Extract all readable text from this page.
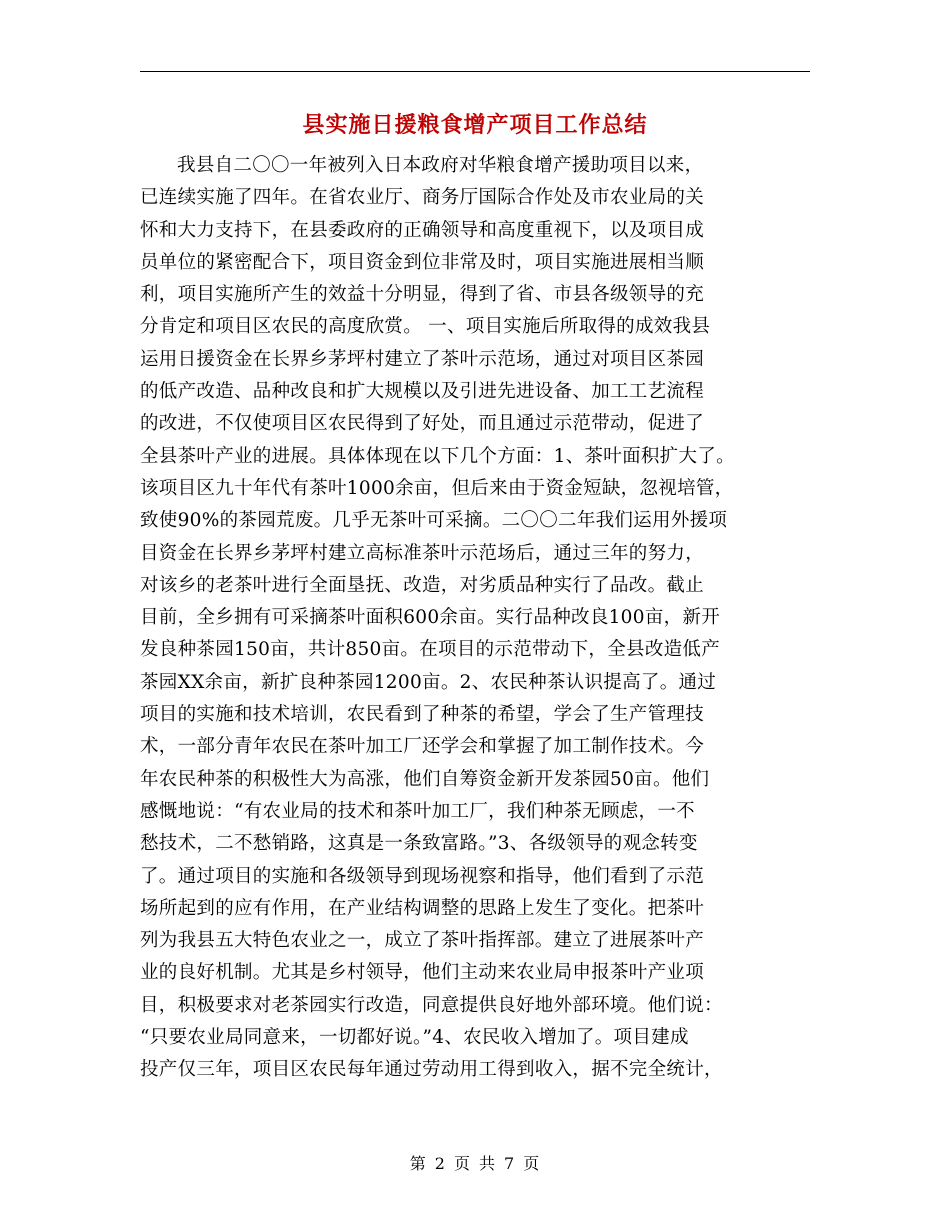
县实施日援粮食增产项目工作总结
我县自二〇〇一年被列入日本政府对华粮食增产援助项目以来，
已连续实施了四年。在省农业厅、商务厅国际合作处及市农业局的关
怀和大力支持下，在县委政府的正确领导和高度重视下，以及项目成
员单位的紧密配合下，项目资金到位非常及时，项目实施进展相当顺
利，项目实施所产生的效益十分明显，得到了省、市县各级领导的充
分肯定和项目区农民的高度欣赏。 一、项目实施后所取得的成效我县
运用日援资金在长界乡茅坪村建立了茶叶示范场，通过对项目区茶园
的低产改造、品种改良和扩大规模以及引进先进设备、加工工艺流程
的改进，不仅使项目区农民得到了好处，而且通过示范带动，促进了
全县茶叶产业的进展。具体体现在以下几个方面：1、茶叶面积扩大了。
该项目区九十年代有茶叶1000余亩，但后来由于资金短缺，忽视培管，
致使90%的茶园荒废。几乎无茶叶可采摘。二〇〇二年我们运用外援项
目资金在长界乡茅坪村建立高标准茶叶示范场后，通过三年的努力，
对该乡的老茶叶进行全面垦抚、改造，对劣质品种实行了品改。截止
目前，全乡拥有可采摘茶叶面积600余亩。实行品种改良100亩，新开
发良种茶园150亩，共计850亩。在项目的示范带动下，全县改造低产
茶园XX余亩，新扩良种茶园1200亩。2、农民种茶认识提高了。通过
项目的实施和技术培训，农民看到了种茶的希望，学会了生产管理技
术，一部分青年农民在茶叶加工厂还学会和掌握了加工制作技术。今
年农民种茶的积极性大为高涨，他们自筹资金新开发茶园50亩。他们
感慨地说：“有农业局的技术和茶叶加工厂，我们种茶无顾虑，一不
愁技术，二不愁销路，这真是一条致富路。”3、各级领导的观念转变
了。通过项目的实施和各级领导到现场视察和指导，他们看到了示范
场所起到的应有作用，在产业结构调整的思路上发生了变化。把茶叶
列为我县五大特色农业之一，成立了茶叶指挥部。建立了进展茶叶产
业的良好机制。尤其是乡村领导，他们主动来农业局申报茶叶产业项
目，积极要求对老茶园实行改造，同意提供良好地外部环境。他们说：
“只要农业局同意来，一切都好说。”4、农民收入增加了。项目建成
投产仅三年，项目区农民每年通过劳动用工得到收入，据不完全统计，
第 2 页 共 7 页
